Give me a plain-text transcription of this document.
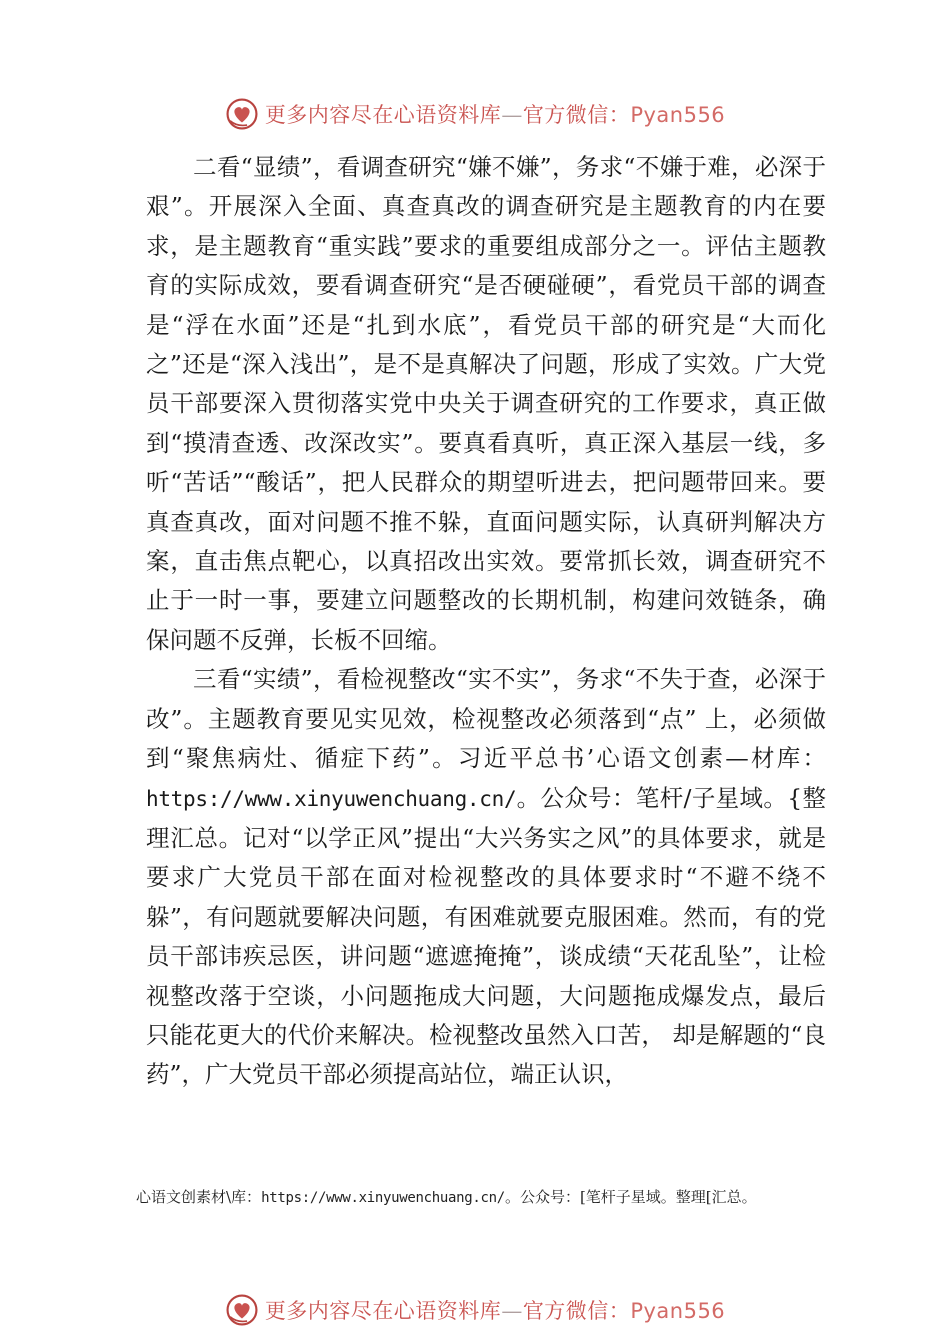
更多内容尽在心语资料库—官方微信：Pyan556

二看“显绩”，看调查研究“嫌不嫌”，务求“不嫌于难，必深于艰”。开展深入全面、真查真改的调查研究是主题教育的内在要求，是主题教育“重实践”要求的重要组成部分之一。评估主题教育的实际成效，要看调查研究“是否硬碰硬”，看党员干部的调查是“浮在水面”还是“扎到水底”，看党员干部的研究是“大而化之”还是“深入浅出”，是不是真解决了问题，形成了实效。广大党员干部要深入贯彻落实党中央关于调查研究的工作要求，真正做到“摸清查透、改深改实”。要真看真听，真正深入基层一线，多听“苦话”“酸话”，把人民群众的期望听进去，把问题带回来。要真查真改，面对问题不推不躲，直面问题实际，认真研判解决方案，直击焦点靶心，以真招改出实效。要常抓长效，调查研究不止于一时一事，要建立问题整改的长期机制，构建问效链条，确保问题不反弹，长板不回缩。

三看“实绩”，看检视整改“实不实”，务求“不失于查，必深于改”。主题教育要见实见效，检视整改必须落到“点” 上，必须做到“聚焦病灶、循症下药”。习近平总书’心语文创素—材库：https://www.xinyuwenchuang.cn/。公众号：笔杆/子星域。{整理汇总。记对“以学正风”提出“大兴务实之风”的具体要求，就是要求广大党员干部在面对检视整改的具体要求时“不避不绕不躲”，有问题就要解决问题，有困难就要克服困难。然而，有的党员干部讳疾忌医，讲问题“遮遮掩掩”，谈成绩“天花乱坠”，让检视整改落于空谈，小问题拖成大问题，大问题拖成爆发点，最后只能花更大的代价来解决。检视整改虽然入口苦， 却是解题的“良药”，广大党员干部必须提高站位，端正认识，

心语文创素材\库：https://www.xinyuwenchuang.cn/。公众号：[笔杆子星域。整理[汇总。
更多内容尽在心语资料库—官方微信：Pyan556
